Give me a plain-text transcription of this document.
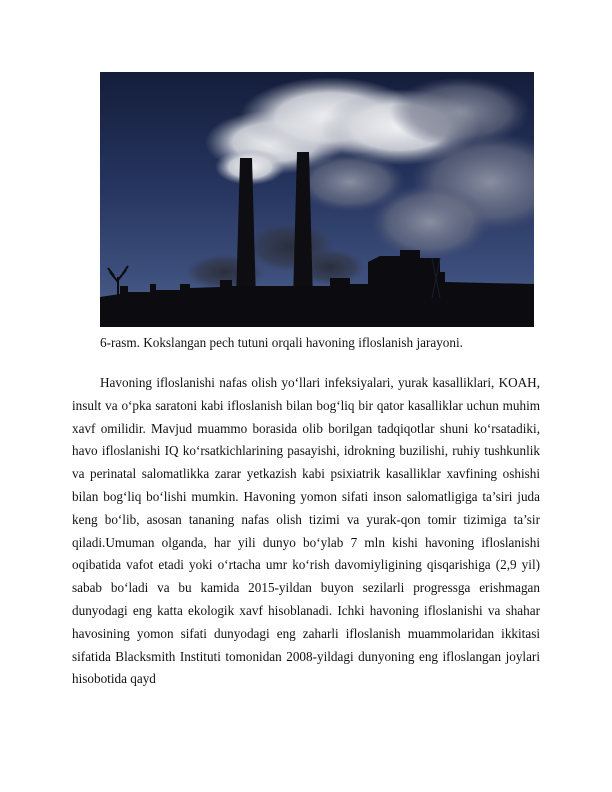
6-rasm. Kokslangan pech tutuni orqali havoning ifloslanish jarayoni.

Havoning ifloslanishi nafas olish yo‘llari infeksiyalari, yurak kasalliklari, KOAH, insult va o‘pka saratoni kabi ifloslanish bilan bog‘liq bir qator kasalliklar uchun muhim xavf omilidir. Mavjud muammo borasida olib borilgan tadqiqotlar shuni ko‘rsatadiki, havo ifloslanishi IQ ko‘rsatkichlarining pasayishi, idrokning buzilishi, ruhiy tushkunlik va perinatal salomatlikka zarar yetkazish kabi psixiatrik kasalliklar xavfining oshishi bilan bog‘liq bo‘lishi mumkin. Havoning yomon sifati inson salomatligiga ta’siri juda keng bo‘lib, asosan tananing nafas olish tizimi va yurak-qon tomir tizimiga ta’sir qiladi.Umuman olganda, har yili dunyo bo‘ylab 7 mln kishi havoning ifloslanishi oqibatida vafot etadi yoki o‘rtacha umr ko‘rish davomiyligining qisqarishiga (2,9 yil) sabab bo‘ladi va bu kamida 2015-yildan buyon sezilarli progressga erishmagan dunyodagi eng katta ekologik xavf hisoblanadi. Ichki havoning ifloslanishi va shahar havosining yomon sifati dunyodagi eng zaharli ifloslanish muammolaridan ikkitasi sifatida Blacksmith Instituti tomonidan 2008-yildagi dunyoning eng ifloslangan joylari hisobotida qayd
